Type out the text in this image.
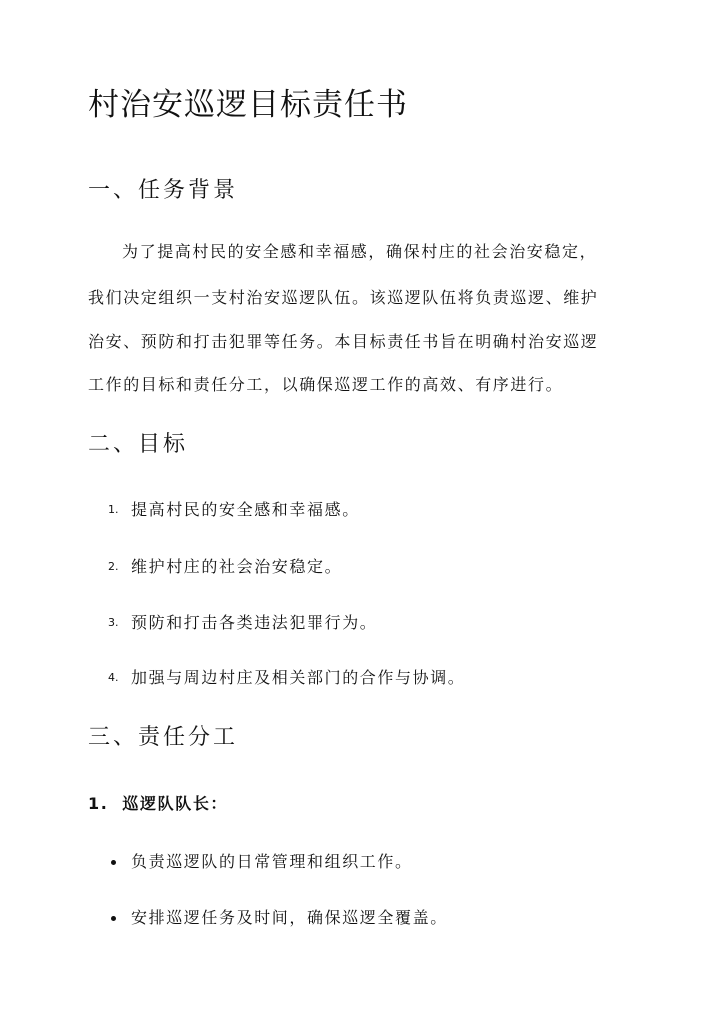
村治安巡逻目标责任书
一、任务背景

为了提高村民的安全感和幸福感，确保村庄的社会治安稳定，

我们决定组织一支村治安巡逻队伍。该巡逻队伍将负责巡逻、维护

治安、预防和打击犯罪等任务。本目标责任书旨在明确村治安巡逻

工作的目标和责任分工，以确保巡逻工作的高效、有序进行。

二、目标
1. 提高村民的安全感和幸福感。
2. 维护村庄的社会治安稳定。
3. 预防和打击各类违法犯罪行为。
4. 加强与周边村庄及相关部门的合作与协调。
三、责任分工

1. 巡逻队队长：

负责巡逻队的日常管理和组织工作。
安排巡逻任务及时间，确保巡逻全覆盖。
